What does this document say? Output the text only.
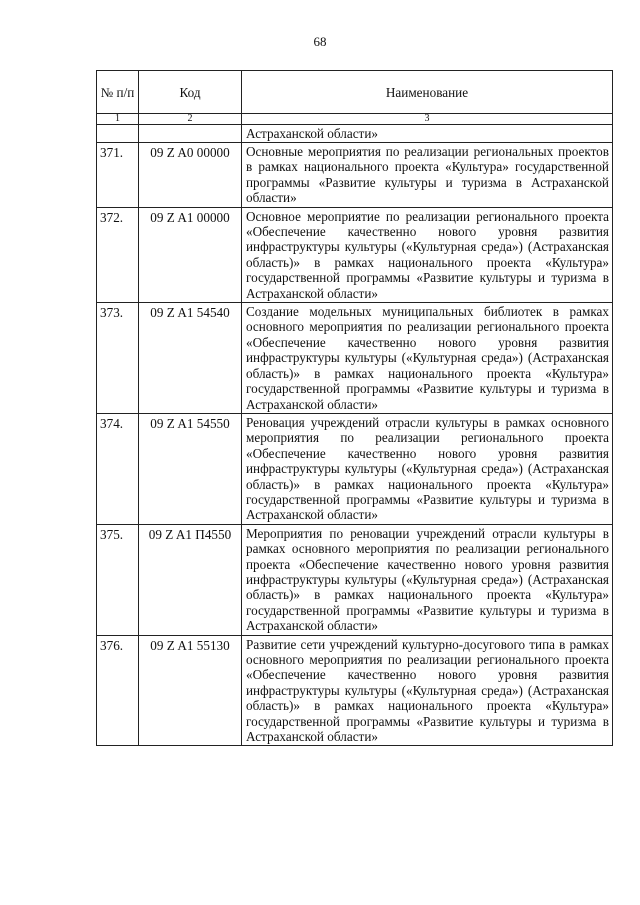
68
№ п/п	Код	Наименование
1	2	3
		Астраханской области»
371.	09 Z A0 00000	Основные мероприятия по реализации региональных проектов в рамках национального проекта «Культура» государственной программы «Развитие культуры и туризма в Астраханской области»
372.	09 Z A1 00000	Основное мероприятие по реализации регионального проекта «Обеспечение качественно нового уровня развития инфраструктуры культуры («Культурная среда») (Астраханская область)» в рамках национального проекта «Культура» государственной программы «Развитие культуры и туризма в Астраханской области»
373.	09 Z A1 54540	Создание модельных муниципальных библиотек в рамках основного мероприятия по реализации регионального проекта «Обеспечение качественно нового уровня развития инфраструктуры культуры («Культурная среда») (Астраханская область)» в рамках национального проекта «Культура» государственной программы «Развитие культуры и туризма в Астраханской области»
374.	09 Z A1 54550	Реновация учреждений отрасли культуры в рамках основного мероприятия по реализации регионального проекта «Обеспечение качественно нового уровня развития инфраструктуры культуры («Культурная среда») (Астраханская область)» в рамках национального проекта «Культура» государственной программы «Развитие культуры и туризма в Астраханской области»
375.	09 Z A1 П4550	Мероприятия по реновации учреждений отрасли культуры в рамках основного мероприятия по реализации регионального проекта «Обеспечение качественно нового уровня развития инфраструктуры культуры («Культурная среда») (Астраханская область)» в рамках национального проекта «Культура» государственной программы «Развитие культуры и туризма в Астраханской области»
376.	09 Z A1 55130	Развитие сети учреждений культурно-досугового типа в рамках основного мероприятия по реализации регионального проекта «Обеспечение качественно нового уровня развития инфраструктуры культуры («Культурная среда») (Астраханская область)» в рамках национального проекта «Культура» государственной программы «Развитие культуры и туризма в Астраханской области»
